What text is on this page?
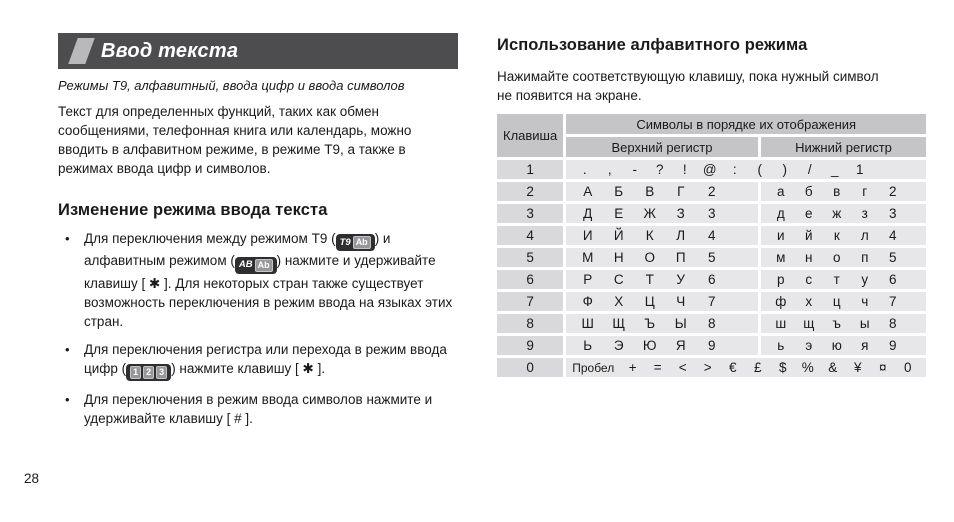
Ввод текста

Режимы T9, алфавитный, ввода цифр и ввода символов

Текст для определенных функций, таких как обмен сообщениями, телефонная книга или календарь, можно вводить в алфавитном режиме, в режиме T9, а также в режимах ввода цифр и символов.

Изменение режима ввода текста
•	Для переключения между режимом T9 ( T9 Ab ) и алфавитным режимом ( АВ Ab ) нажмите и удерживайте клавишу [ ✱ ]. Для некоторых стран также существует возможность переключения в режим ввода на языках этих стран.
•	Для переключения регистра или перехода в режим ввода цифр ( 1 2 3 ) нажмите клавишу [ ✱ ].
•	Для переключения в режим ввода символов нажмите и удерживайте клавишу [ # ].
Использование алфавитного режима

Нажимайте соответствующую клавишу, пока нужный символ не появится на экране.

Клавиша	Символы в порядке их отображения	
	Верхний регистр	Нижний регистр
1	. , - ? ! @ : ( ) / _ 1	
2	А Б В Г 2	а б в г 2
3	Д Е Ж З 3	д е ж з 3
4	И Й К Л 4	и й к л 4
5	М Н О П 5	м н о п 5
6	Р С Т У 6	р с т у 6
7	Ф Х Ц Ч 7	ф х ц ч 7
8	Ш Щ Ъ Ы 8	ш щ ъ ы 8
9	Ь Э Ю Я 9	ь э ю я 9
0	Пробел + = < > € £ $ % & ¥ ¤ 0	
28
